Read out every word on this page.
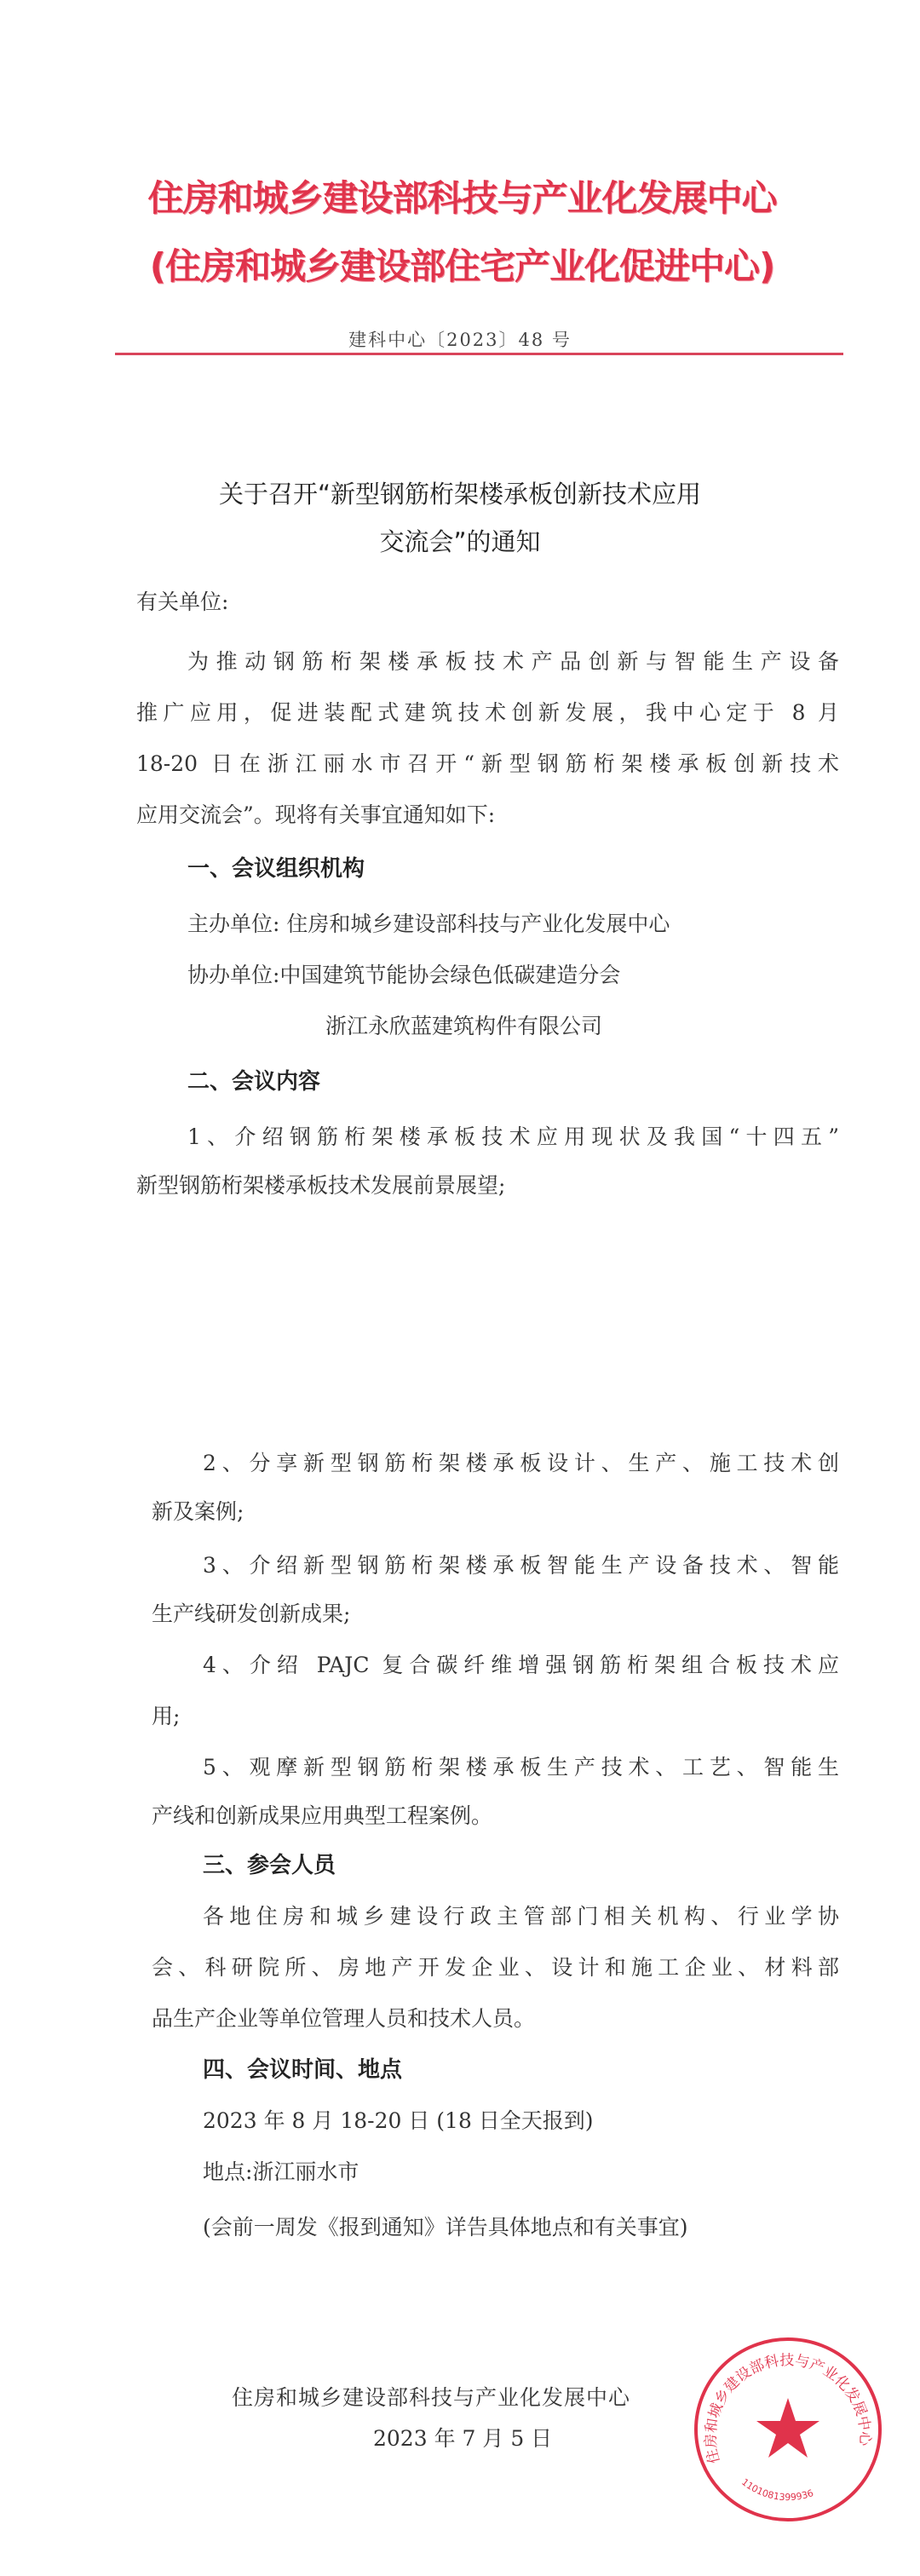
住房和城乡建设部科技与产业化发展中心
(住房和城乡建设部住宅产业化促进中心)
建科中心〔2023〕48 号
关于召开“新型钢筋桁架楼承板创新技术应用
交流会”的通知
有关单位:
为推动钢筋桁架楼承板技术产品创新与智能生产设备
推广应用，促进装配式建筑技术创新发展，我中心定于 8 月
18-20 日在浙江丽水市召开“新型钢筋桁架楼承板创新技术
应用交流会”。现将有关事宜通知如下:
一、会议组织机构
主办单位: 住房和城乡建设部科技与产业化发展中心
协办单位:中国建筑节能协会绿色低碳建造分会
浙江永欣蓝建筑构件有限公司
二、会议内容
1、介绍钢筋桁架楼承板技术应用现状及我国“十四五”
新型钢筋桁架楼承板技术发展前景展望;
2、分享新型钢筋桁架楼承板设计、生产、施工技术创
新及案例;
3、介绍新型钢筋桁架楼承板智能生产设备技术、智能
生产线研发创新成果;
4、介绍 PAJC 复合碳纤维增强钢筋桁架组合板技术应
用;
5、观摩新型钢筋桁架楼承板生产技术、工艺、智能生
产线和创新成果应用典型工程案例。
三、参会人员
各地住房和城乡建设行政主管部门相关机构、行业学协
会、科研院所、房地产开发企业、设计和施工企业、材料部
品生产企业等单位管理人员和技术人员。
四、会议时间、地点
2023 年 8 月 18-20 日 (18 日全天报到)
地点:浙江丽水市
(会前一周发《报到通知》详告具体地点和有关事宜)
住房和城乡建设部科技与产业化发展中心
1101081399936
住房和城乡建设部科技与产业化发展中心
2023 年 7 月 5 日
